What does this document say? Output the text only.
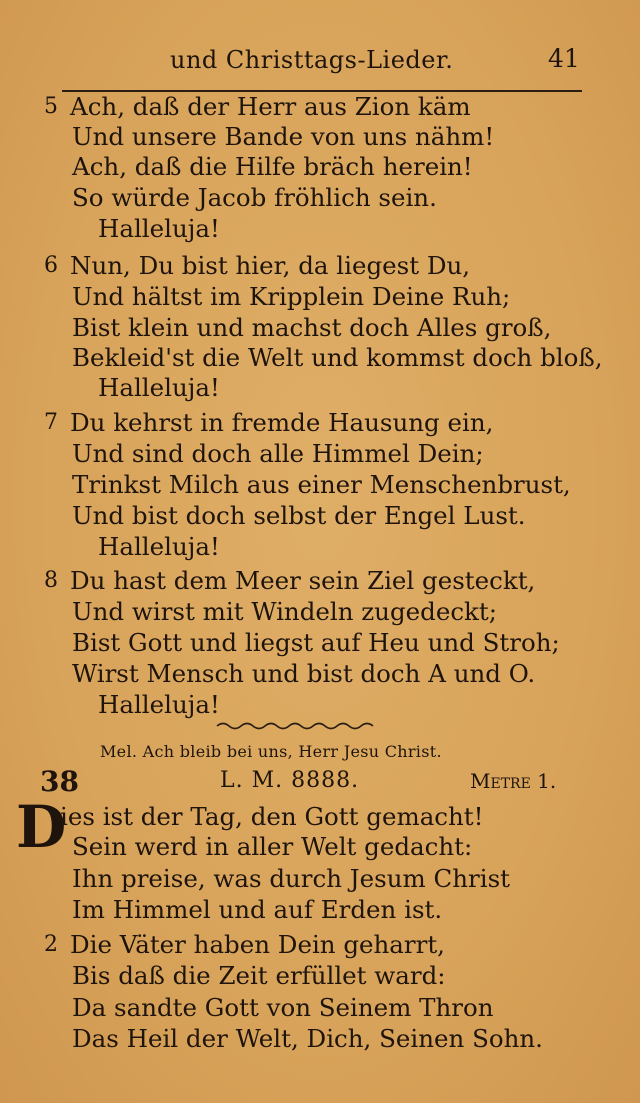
und Christtags-Lieder.	41
5 Ach, daß der Herr aus Zion käm
Und unsere Bande von uns nähm!
Ach, daß die Hilfe bräch herein!
So würde Jacob fröhlich sein.
Halleluja!
6 Nun, Du bist hier, da liegest Du,
Und hältst im Kripplein Deine Ruh;
Bist klein und machst doch Alles groß,
Bekleid'st die Welt und kommst doch bloß,
Halleluja!
7 Du kehrst in fremde Hausung ein,
Und sind doch alle Himmel Dein;
Trinkst Milch aus einer Menschenbrust,
Und bist doch selbst der Engel Lust.
Halleluja!
8 Du hast dem Meer sein Ziel gesteckt,
Und wirst mit Windeln zugedeckt;
Bist Gott und liegst auf Heu und Stroh;
Wirst Mensch und bist doch A und O.
Halleluja!
Mel. Ach bleib bei uns, Herr Jesu Christ.
38	L. M. 8888.	Metre 1.
D
ies ist der Tag, den Gott gemacht!
Sein werd in aller Welt gedacht:
Ihn preise, was durch Jesum Christ
Im Himmel und auf Erden ist.
2 Die Väter haben Dein geharrt,
Bis daß die Zeit erfüllet ward:
Da sandte Gott von Seinem Thron
Das Heil der Welt, Dich, Seinen Sohn.
